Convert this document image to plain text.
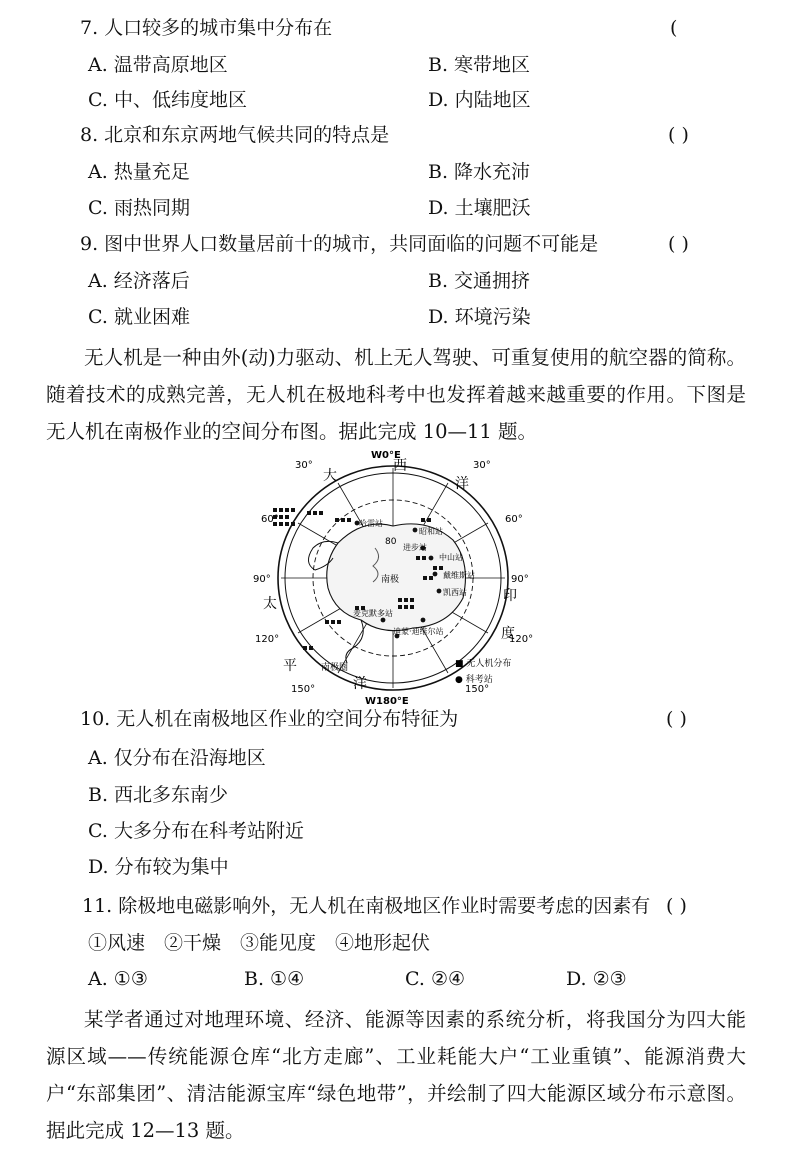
7. 人口较多的城市集中分布在	(
A. 温带高原地区	B. 寒带地区
C. 中、低纬度地区	D. 内陆地区
8. 北京和东京两地气候共同的特点是	( )
A. 热量充足	B. 降水充沛
C. 雨热同期	D. 土壤肥沃
9. 图中世界人口数量居前十的城市，共同面临的问题不可能是	( )
A. 经济落后	B. 交通拥挤
C. 就业困难	D. 环境污染
无人机是一种由外(动)力驱动、机上无人驾驶、可重复使用的航空器的简称。随着技术的成熟完善，无人机在极地科考中也发挥着越来越重要的作用。下图是无人机在南极作业的空间分布图。据此完成 10—11 题。
30°	30°
60°	60°
90°	90°
120°	120°
150°	150°
80
W0°E
W180°E
大
西
洋
太
平
洋
印
度
哈雷站
昭和站
进步站
中山站
戴维斯站
凯西站
迪蒙·迪维尔站
麦克默多站
南极
南极圈	■ 无人机分布
● 科考站
10. 无人机在南极地区作业的空间分布特征为	( )
A. 仅分布在沿海地区
B. 西北多东南少
C. 大多分布在科考站附近
D. 分布较为集中
11. 除极地电磁影响外，无人机在南极地区作业时需要考虑的因素有 ( )
①风速　②干燥　③能见度　④地形起伏
A. ①③	B. ①④	C. ②④	D. ②③
某学者通过对地理环境、经济、能源等因素的系统分析，将我国分为四大能源区域——传统能源仓库“北方走廊”、工业耗能大户“工业重镇”、能源消费大户“东部集团”、清洁能源宝库“绿色地带”，并绘制了四大能源区域分布示意图。据此完成 12—13 题。
